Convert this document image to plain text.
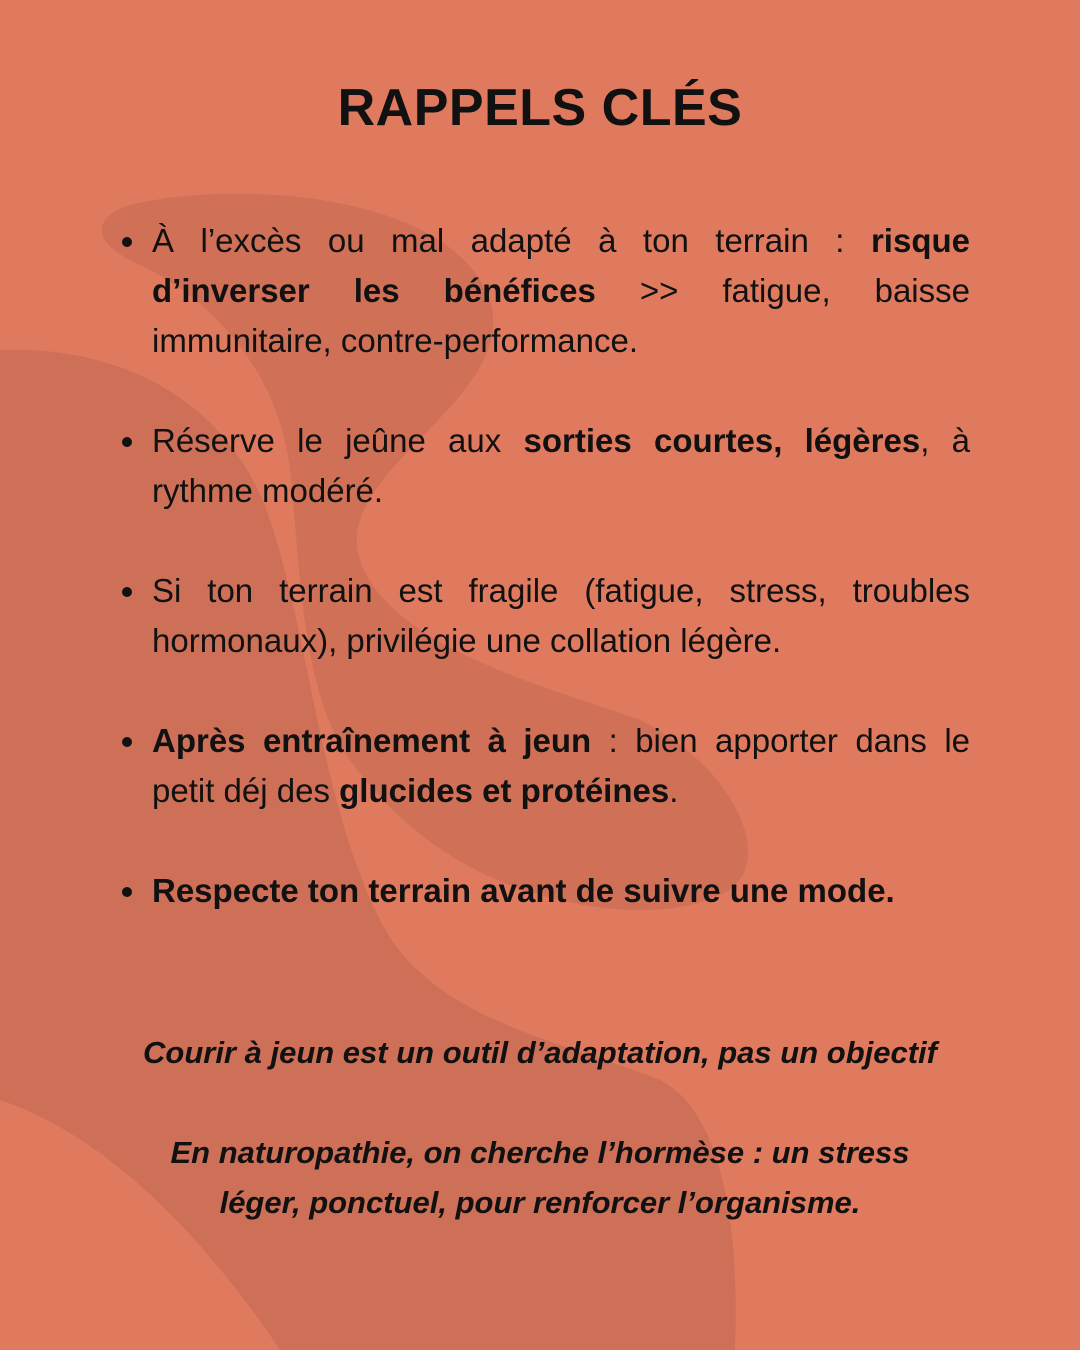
RAPPELS CLÉS
À l’excès ou mal adapté à ton terrain : risque d’inverser les bénéfices >> fatigue, baisse immunitaire, contre-performance.
Réserve le jeûne aux sorties courtes, légères, à rythme modéré.
Si ton terrain est fragile (fatigue, stress, troubles hormonaux), privilégie une collation légère.
Après entraînement à jeun : bien apporter dans le petit déj des glucides et protéines.
Respecte ton terrain avant de suivre une mode.
Courir à jeun est un outil d’adaptation, pas un objectif
En naturopathie, on cherche l’hormèse : un stress
léger, ponctuel, pour renforcer l’organisme.
